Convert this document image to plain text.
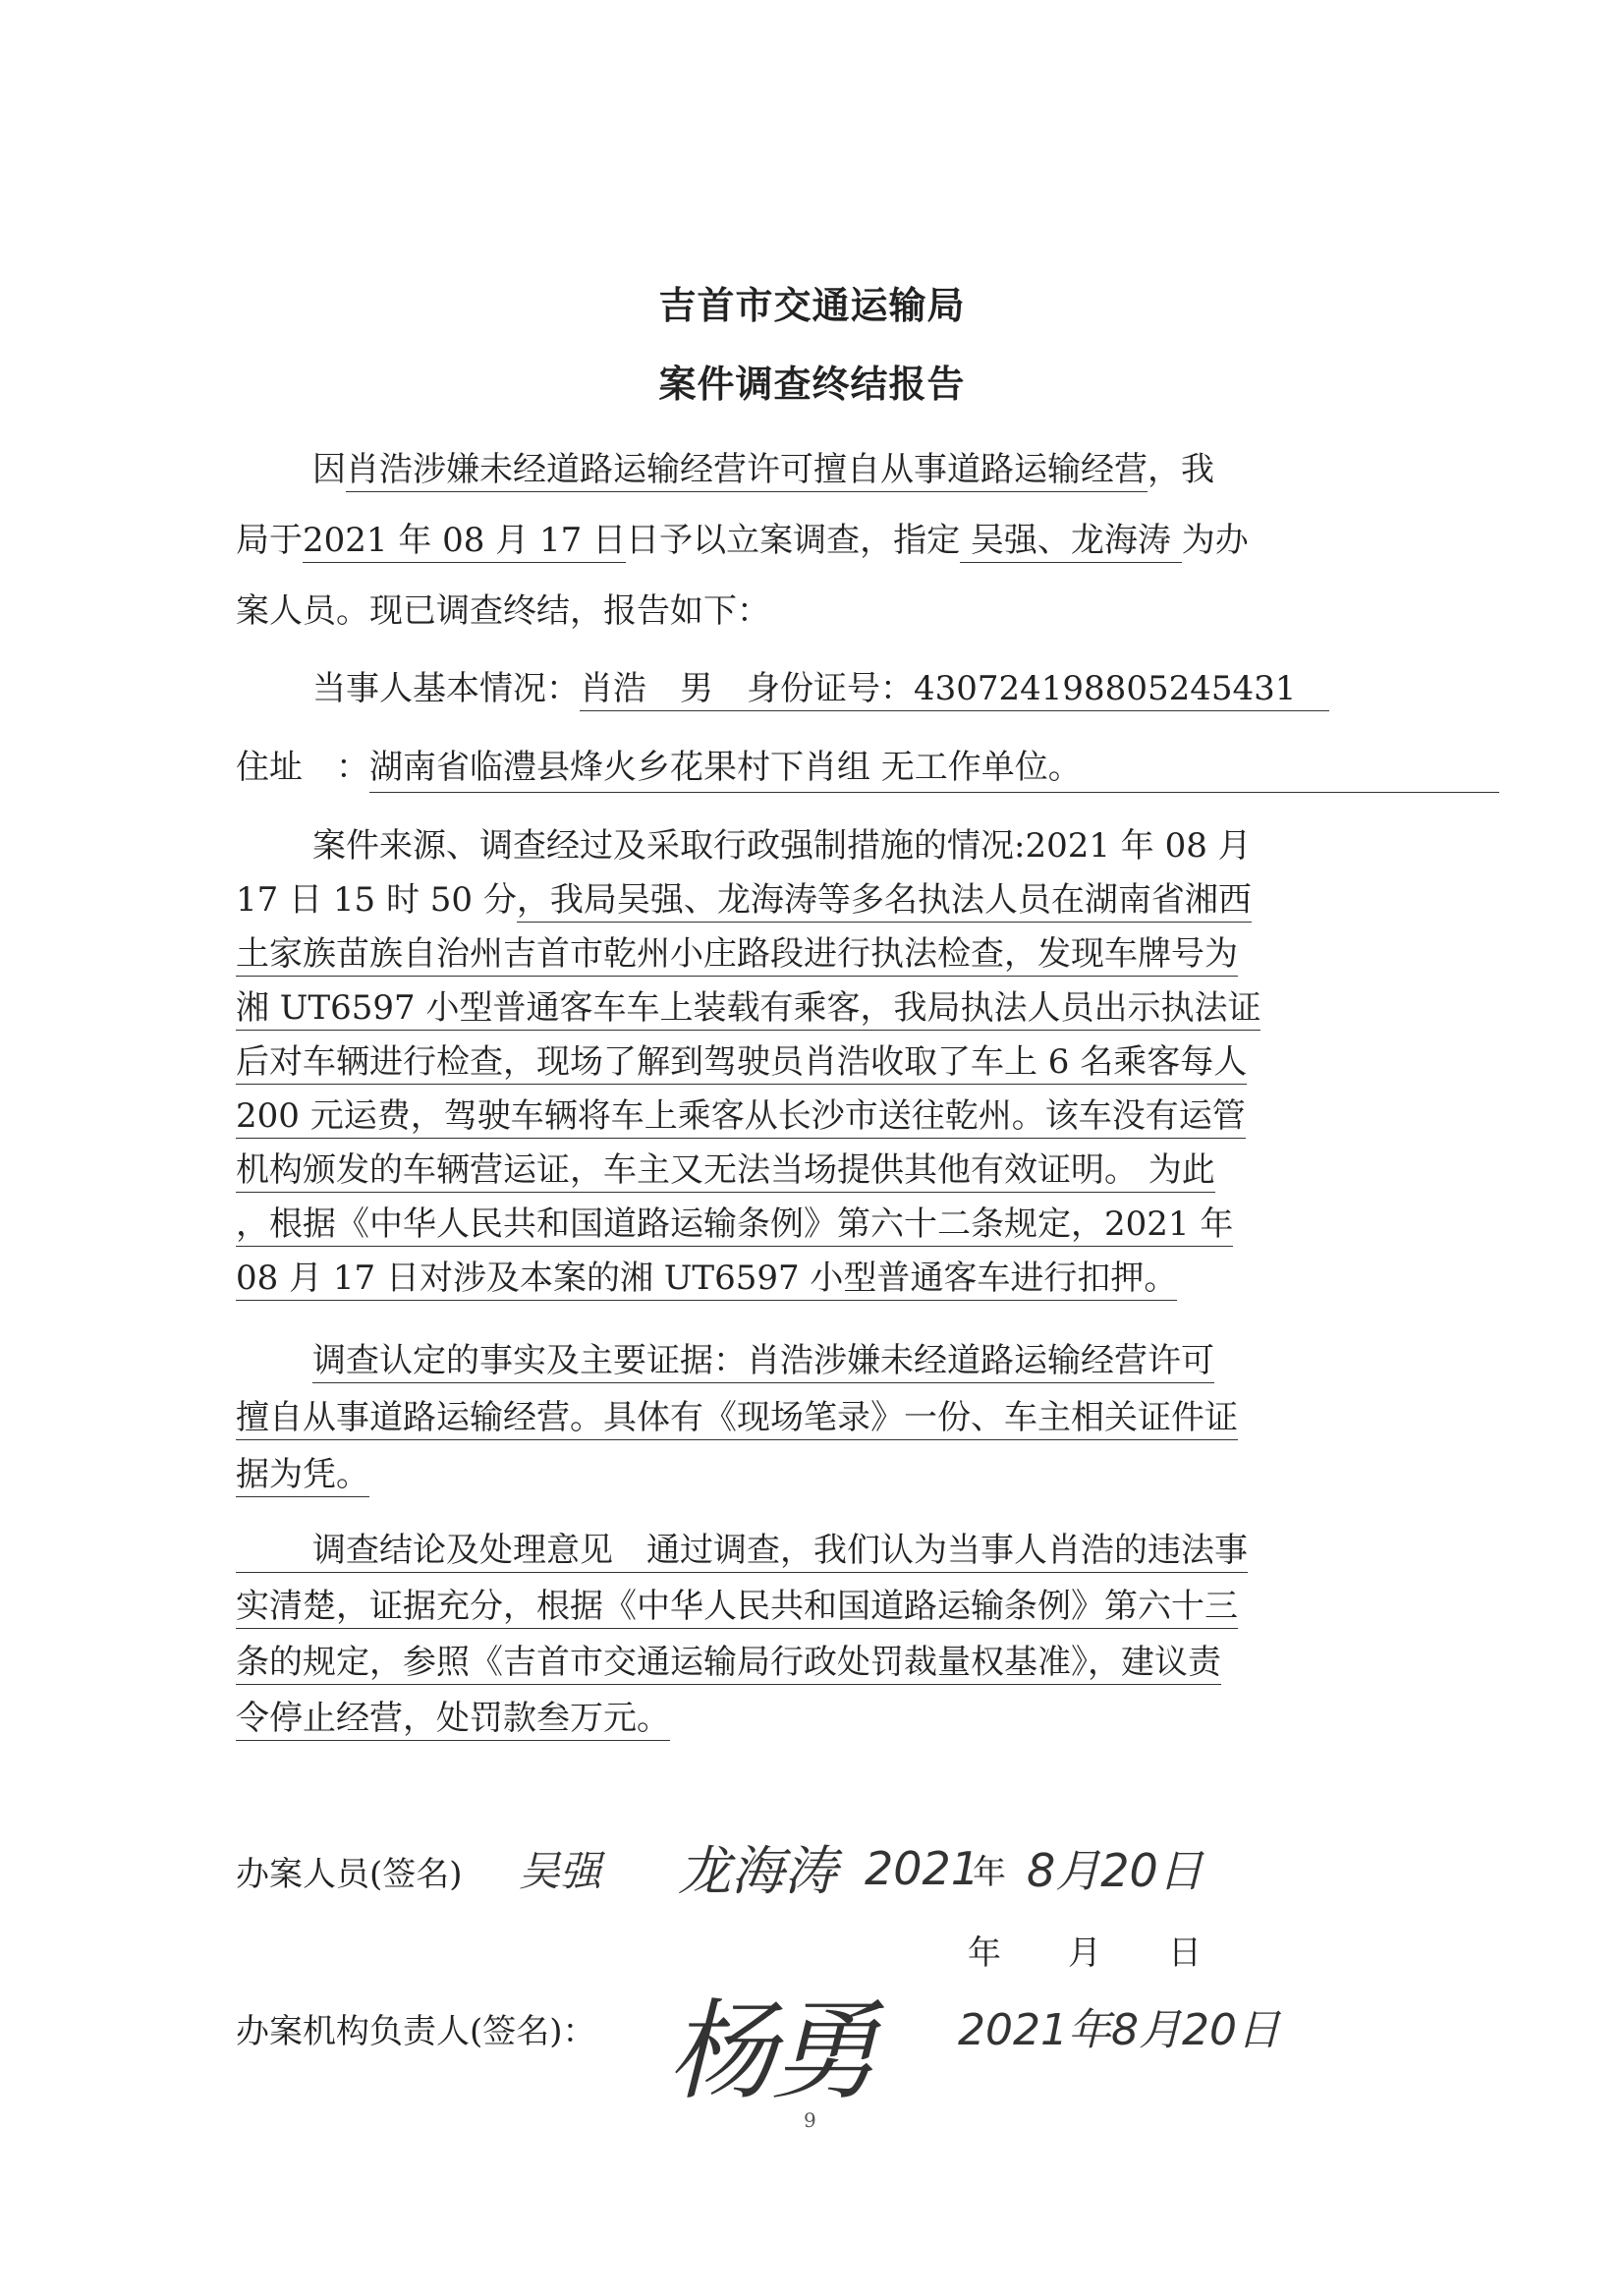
吉首市交通运输局
案件调查终结报告
因肖浩涉嫌未经道路运输经营许可擅自从事道路运输经营，我
局于2021 年 08 月 17 日日予以立案调查，指定 吴强、龙海涛 为办
案人员。现已调查终结，报告如下：
当事人基本情况：肖浩　男　身份证号：430724198805245431　
住址　：湖南省临澧县烽火乡花果村下肖组 无工作单位。
案件来源、调查经过及采取行政强制措施的情况:2021 年 08 月
17 日 15 时 50 分，我局吴强、龙海涛等多名执法人员在湖南省湘西
土家族苗族自治州吉首市乾州小庄路段进行执法检查，发现车牌号为
湘 UT6597 小型普通客车车上装载有乘客，我局执法人员出示执法证
后对车辆进行检查，现场了解到驾驶员肖浩收取了车上 6 名乘客每人
200 元运费，驾驶车辆将车上乘客从长沙市送往乾州。该车没有运管
机构颁发的车辆营运证，车主又无法当场提供其他有效证明。 为此
，根据《中华人民共和国道路运输条例》第六十二条规定，2021 年
08 月 17 日对涉及本案的湘 UT6597 小型普通客车进行扣押。
调查认定的事实及主要证据：肖浩涉嫌未经道路运输经营许可
擅自从事道路运输经营。具体有《现场笔录》一份、车主相关证件证
据为凭。
调查结论及处理意见　通过调查，我们认为当事人肖浩的违法事
实清楚，证据充分，根据《中华人民共和国道路运输条例》第六十三
条的规定，参照《吉首市交通运输局行政处罚裁量权基准》，建议责
令停止经营，处罚款叁万元。
办案人员(签名) 吴强 龙海涛 2021
年 8月20日
年　　月　　日
办案机构负责人(签名)： 杨勇 2021年8月20日
9
